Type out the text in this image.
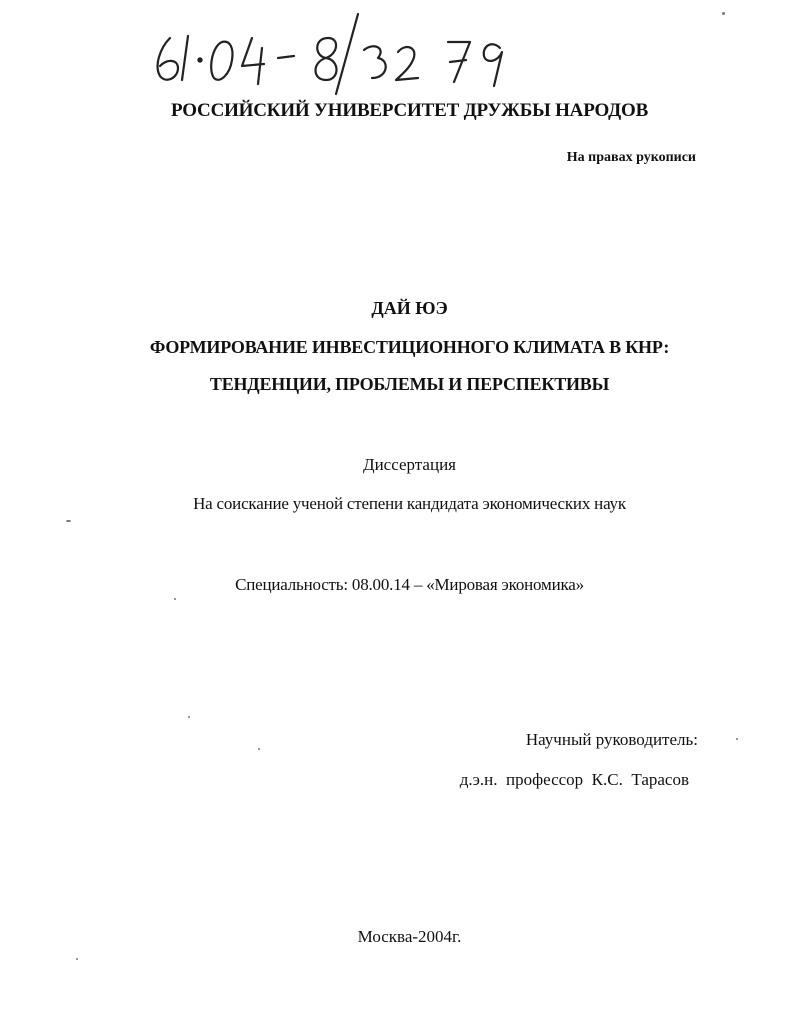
РОССИЙСКИЙ УНИВЕРСИТЕТ ДРУЖБЫ НАРОДОВ
На правах рукописи
ДАЙ ЮЭ
ФОРМИРОВАНИЕ ИНВЕСТИЦИОННОГО КЛИМАТА В КНР:
ТЕНДЕНЦИИ, ПРОБЛЕМЫ И ПЕРСПЕКТИВЫ
Диссертация
На соискание ученой степени кандидата экономических наук
Специальность: 08.00.14 – «Мировая экономика»
Научный руководитель:
д.э.н.  профессор  К.С.  Тарасов
Москва-2004г.
